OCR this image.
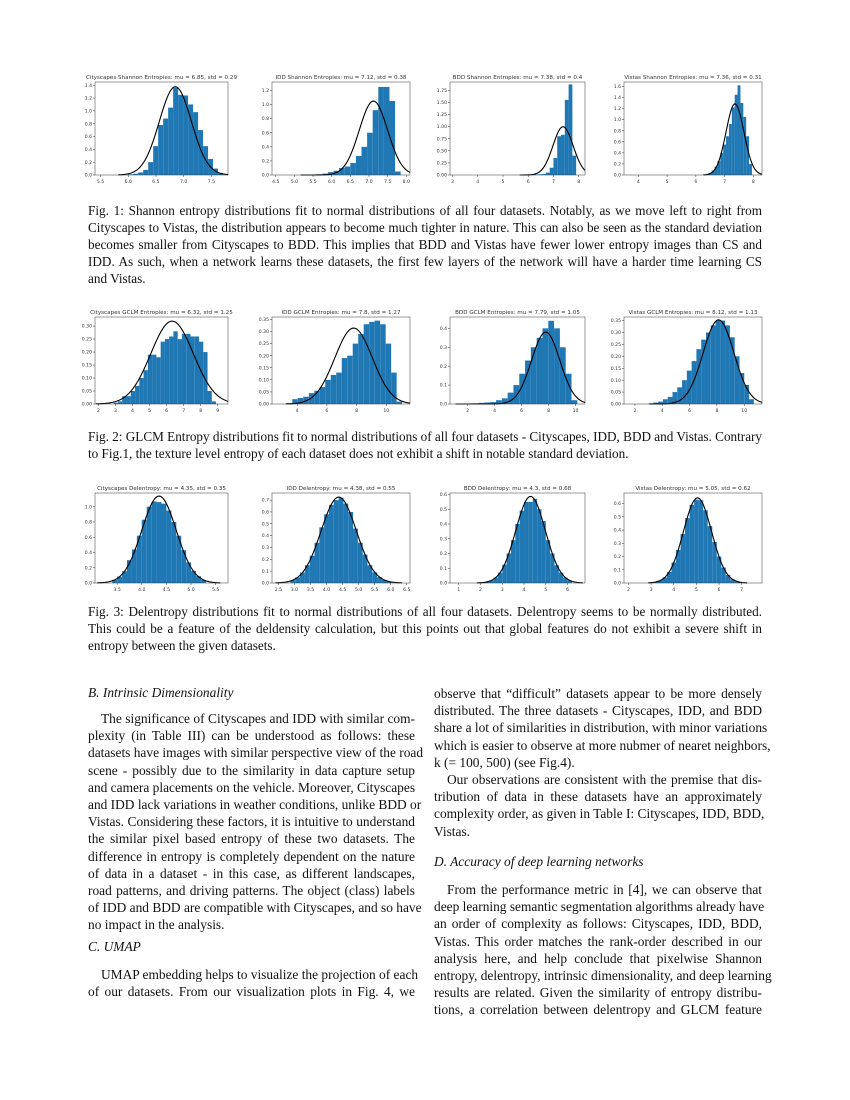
Cityscapes Shannon Entropies: mu = 6.85, std = 0.29
5.5	6.0	6.5	7.0	7.5
0.0
0.2
0.4
0.6
0.8
1.0
1.2
1.4
IDD Shannon Entropies: mu = 7.12, std = 0.38
4.5 5.0 5.5 6.0 6.5 7.0 7.5 8.0
0.0
0.2
0.4
0.6
0.8
1.0
1.2
BDD Shannon Entropies: mu = 7.38, std = 0.4
3	4	5	6	7	8
0.00
0.25
0.50
0.75
1.00
1.25
1.50
1.75
Vistas Shannon Entropies: mu = 7.36, std = 0.31
4	5	6	7	8
0.0
0.2
0.4
0.6
0.8
1.0
1.2
1.4
1.6
Cityscapes GCLM Entropies: mu = 6.32, std = 1.25
2	3	4	5	6	7	8	9
0.00
0.05
0.10
0.15
0.20
0.25
0.30
IDD GCLM Entropies: mu = 7.8, std = 1.27
4	6	8	10
0.00
0.05
0.10
0.15
0.20
0.25
0.30
0.35
BDD GCLM Entropies: mu = 7.79, std = 1.05
2	4	6	8	10
0.0
0.1
0.2
0.3
0.4
Vistas GCLM Entropies: mu = 8.12, std = 1.13
2	4	6	8	10
0.00
0.05
0.10
0.15
0.20
0.25
0.30
0.35
Cityscapes Delentropy: mu = 4.35, std = 0.35
3.5	4.0	4.5	5.0	5.5
0.0
0.2
0.4
0.6
0.8
1.0
IDD Delentropy: mu = 4.38, std = 0.55
2.5 3.0 3.5 4.0 4.5 5.0 5.5 6.0 6.5
0.0
0.1
0.2
0.3
0.4
0.5
0.6
0.7
BDD Delentropy: mu = 4.3, std = 0.68
1	2	3	4	5	6
0.0
0.1
0.2
0.3
0.4
0.5
0.6
Vistas Delentropy: mu = 5.05, std = 0.62
2	3	4	5	6	7
0.0
0.1
0.2
0.3
0.4
0.5
0.6
Fig. 1: Shannon entropy distributions fit to normal distributions of all four datasets. Notably, as we move left to right from
Cityscapes to Vistas, the distribution appears to become much tighter in nature. This can also be seen as the standard deviation
becomes smaller from Cityscapes to BDD. This implies that BDD and Vistas have fewer lower entropy images than CS and
IDD. As such, when a network learns these datasets, the first few layers of the network will have a harder time learning CS
and Vistas.
Fig. 2: GLCM Entropy distributions fit to normal distributions of all four datasets - Cityscapes, IDD, BDD and Vistas. Contrary
to Fig.1, the texture level entropy of each dataset does not exhibit a shift in notable standard deviation.
Fig. 3: Delentropy distributions fit to normal distributions of all four datasets. Delentropy seems to be normally distributed.
This could be a feature of the deldensity calculation, but this points out that global features do not exhibit a severe shift in
entropy between the given datasets.
B. Intrinsic Dimensionality
The significance of Cityscapes and IDD with similar com-
plexity (in Table III) can be understood as follows: these
datasets have images with similar perspective view of the road
scene - possibly due to the similarity in data capture setup
and camera placements on the vehicle. Moreover, Cityscapes
and IDD lack variations in weather conditions, unlike BDD or
Vistas. Considering these factors, it is intuitive to understand
the similar pixel based entropy of these two datasets. The
difference in entropy is completely dependent on the nature
of data in a dataset - in this case, as different landscapes,
road patterns, and driving patterns. The object (class) labels
of IDD and BDD are compatible with Cityscapes, and so have
no impact in the analysis.
C. UMAP
UMAP embedding helps to visualize the projection of each
of our datasets. From our visualization plots in Fig. 4, we
observe that “difficult” datasets appear to be more densely
distributed. The three datasets - Cityscapes, IDD, and BDD
share a lot of similarities in distribution, with minor variations
which is easier to observe at more nubmer of nearet neighbors,
k (= 100, 500) (see Fig.4).
Our observations are consistent with the premise that dis-
tribution of data in these datasets have an approximately
complexity order, as given in Table I: Cityscapes, IDD, BDD,
Vistas.
D. Accuracy of deep learning networks
From the performance metric in [4], we can observe that
deep learning semantic segmentation algorithms already have
an order of complexity as follows: Cityscapes, IDD, BDD,
Vistas. This order matches the rank-order described in our
analysis here, and help conclude that pixelwise Shannon
entropy, delentropy, intrinsic dimensionality, and deep learning
results are related. Given the similarity of entropy distribu-
tions, a correlation between delentropy and GLCM feature
